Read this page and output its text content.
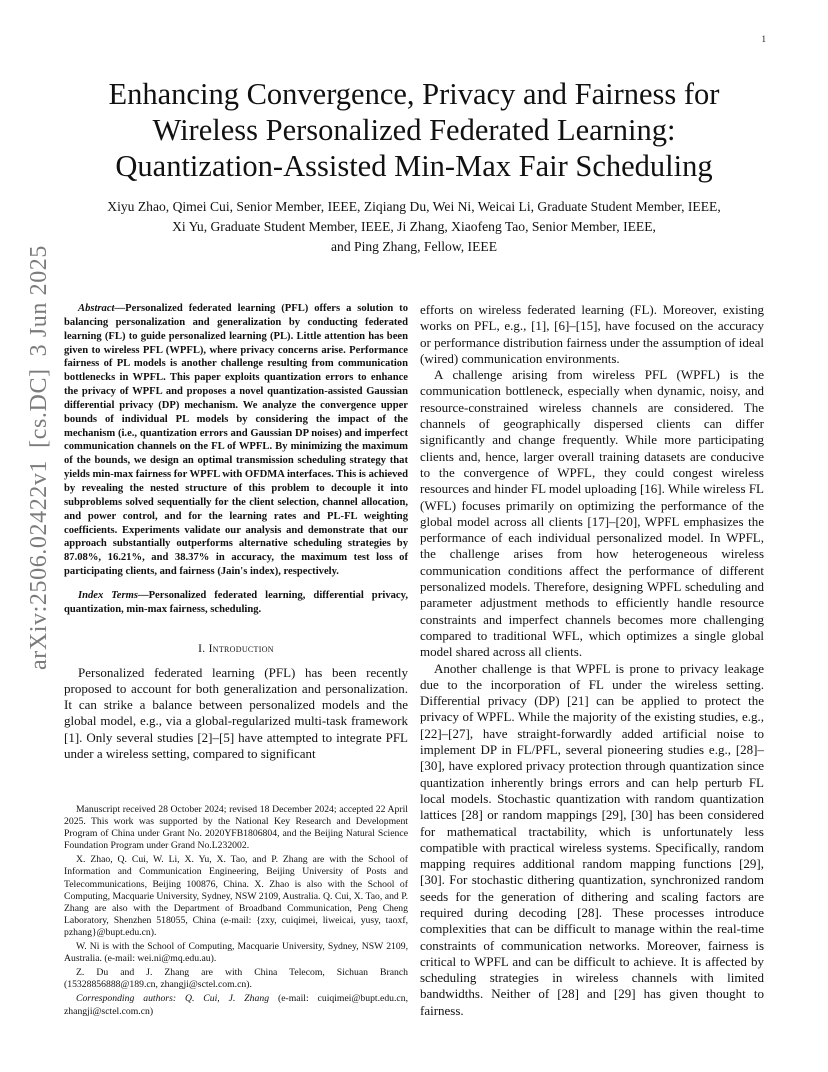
1
arXiv:2506.02422v1
[cs.DC]
3 Jun 2025
Enhancing Convergence, Privacy and Fairness for
Wireless Personalized Federated Learning:
Quantization-Assisted Min-Max Fair Scheduling
Xiyu Zhao, Qimei Cui, Senior Member, IEEE, Ziqiang Du, Wei Ni, Weicai Li, Graduate Student Member, IEEE,
Xi Yu, Graduate Student Member, IEEE, Ji Zhang, Xiaofeng Tao, Senior Member, IEEE,
and Ping Zhang, Fellow, IEEE

Abstract—Personalized federated learning (PFL) offers a solution to balancing personalization and generalization by conducting federated learning (FL) to guide personalized learning (PL). Little attention has been given to wireless PFL (WPFL), where privacy concerns arise. Performance fairness of PL models is another challenge resulting from communication bottlenecks in WPFL. This paper exploits quantization errors to enhance the privacy of WPFL and proposes a novel quantization-assisted Gaussian differential privacy (DP) mechanism. We analyze the convergence upper bounds of individual PL models by considering the impact of the mechanism (i.e., quantization errors and Gaussian DP noises) and imperfect communication channels on the FL of WPFL. By minimizing the maximum of the bounds, we design an optimal transmission scheduling strategy that yields min-max fairness for WPFL with OFDMA interfaces. This is achieved by revealing the nested structure of this problem to decouple it into subproblems solved sequentially for the client selection, channel allocation, and power control, and for the learning rates and PL-FL weighting coefficients. Experiments validate our analysis and demonstrate that our approach substantially outperforms alternative scheduling strategies by 87.08%, 16.21%, and 38.37% in accuracy, the maximum test loss of participating clients, and fairness (Jain's index), respectively.

Index Terms—Personalized federated learning, differential privacy, quantization, min-max fairness, scheduling.

I. Introduction

Personalized federated learning (PFL) has been recently proposed to account for both generalization and personalization. It can strike a balance between personalized models and the global model, e.g., via a global-regularized multi-task framework [1]. Only several studies [2]–[5] have attempted to integrate PFL under a wireless setting, compared to significant

Manuscript received 28 October 2024; revised 18 December 2024; accepted 22 April 2025. This work was supported by the National Key Research and Development Program of China under Grant No. 2020YFB1806804, and the Beijing Natural Science Foundation Program under Grand No.L232002.

X. Zhao, Q. Cui, W. Li, X. Yu, X. Tao, and P. Zhang are with the School of Information and Communication Engineering, Beijing University of Posts and Telecommunications, Beijing 100876, China. X. Zhao is also with the School of Computing, Macquarie University, Sydney, NSW 2109, Australia. Q. Cui, X. Tao, and P. Zhang are also with the Department of Broadband Communication, Peng Cheng Laboratory, Shenzhen 518055, China (e-mail: {zxy, cuiqimei, liweicai, yusy, taoxf, pzhang}@bupt.edu.cn).

W. Ni is with the School of Computing, Macquarie University, Sydney, NSW 2109, Australia. (e-mail: wei.ni@mq.edu.au).

Z. Du and J. Zhang are with China Telecom, Sichuan Branch (15328856888@189.cn, zhangji@sctel.com.cn).

Corresponding authors: Q. Cui, J. Zhang (e-mail: cuiqimei@bupt.edu.cn, zhangji@sctel.com.cn)

efforts on wireless federated learning (FL). Moreover, existing works on PFL, e.g., [1], [6]–[15], have focused on the accuracy or performance distribution fairness under the assumption of ideal (wired) communication environments.

A challenge arising from wireless PFL (WPFL) is the communication bottleneck, especially when dynamic, noisy, and resource-constrained wireless channels are considered. The channels of geographically dispersed clients can differ significantly and change frequently. While more participating clients and, hence, larger overall training datasets are conducive to the convergence of WPFL, they could congest wireless resources and hinder FL model uploading [16]. While wireless FL (WFL) focuses primarily on optimizing the performance of the global model across all clients [17]–[20], WPFL emphasizes the performance of each individual personalized model. In WPFL, the challenge arises from how heterogeneous wireless communication conditions affect the performance of different personalized models. Therefore, designing WPFL scheduling and parameter adjustment methods to efficiently handle resource constraints and imperfect channels becomes more challenging compared to traditional WFL, which optimizes a single global model shared across all clients.

Another challenge is that WPFL is prone to privacy leakage due to the incorporation of FL under the wireless setting. Differential privacy (DP) [21] can be applied to protect the privacy of WPFL. While the majority of the existing studies, e.g., [22]–[27], have straight-forwardly added artificial noise to implement DP in FL/PFL, several pioneering studies e.g., [28]–[30], have explored privacy protection through quantization since quantization inherently brings errors and can help perturb FL local models. Stochastic quantization with random quantization lattices [28] or random mappings [29], [30] has been considered for mathematical tractability, which is unfortunately less compatible with practical wireless systems. Specifically, random mapping requires additional random mapping functions [29], [30]. For stochastic dithering quantization, synchronized random seeds for the generation of dithering and scaling factors are required during decoding [28]. These processes introduce complexities that can be difficult to manage within the real-time constraints of communication networks. Moreover, fairness is critical to WPFL and can be difficult to achieve. It is affected by scheduling strategies in wireless channels with limited bandwidths. Neither of [28] and [29] has given thought to fairness.
